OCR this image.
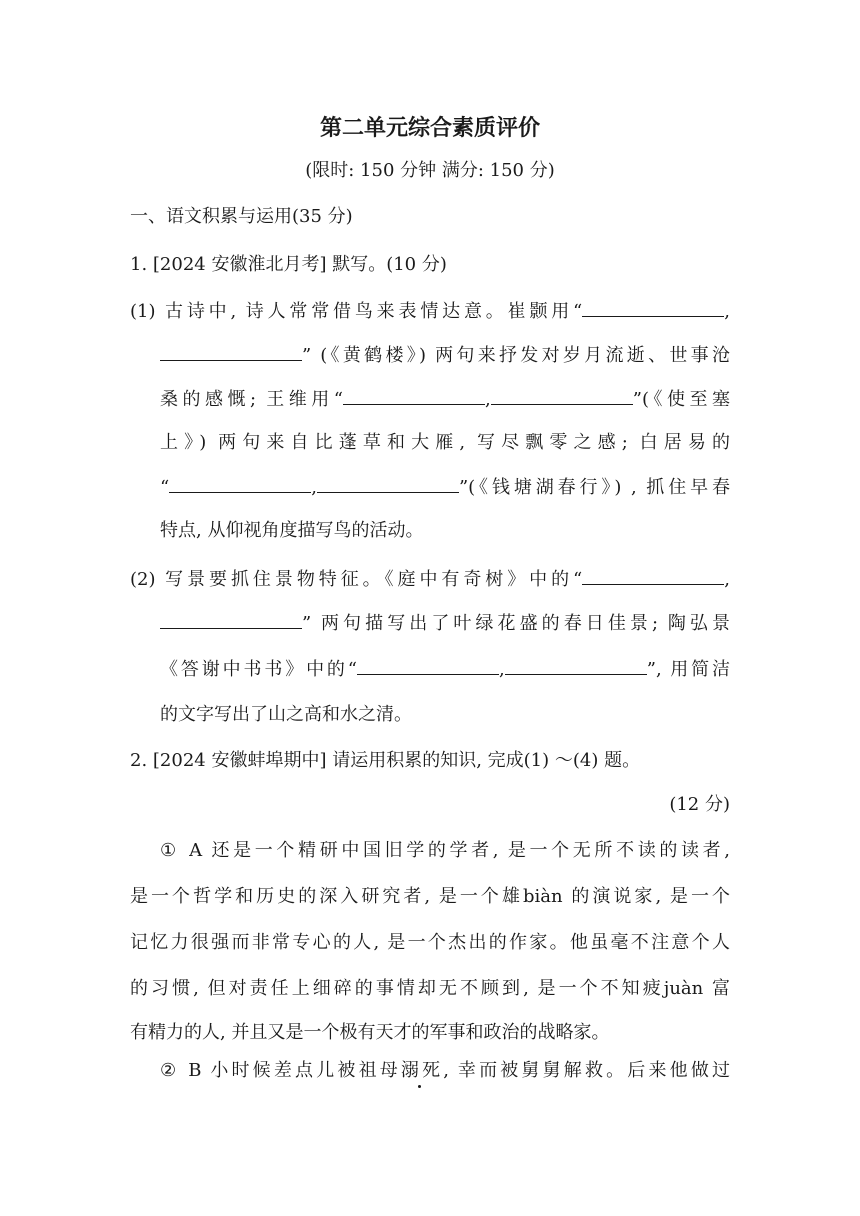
第二单元综合素质评价
(限时: 150 分钟 满分: 150 分)
一、语文积累与运用(35 分)
1. [2024 安徽淮北月考] 默写。(10 分)
(1) 古诗中, 诗人常常借鸟来表情达意。崔颢用“	,
” (《黄鹤楼》) 两句来抒发对岁月流逝、世事沧
桑的感慨; 王维用“	,	”(《使至塞
上》) 两句来自比蓬草和大雁, 写尽飘零之感; 白居易的
“	,	”(《钱塘湖春行》) , 抓住早春
特点, 从仰视角度描写鸟的活动。
(2) 写景要抓住景物特征。《庭中有奇树》中的“	,
” 两句描写出了叶绿花盛的春日佳景; 陶弘景
《答谢中书书》中的“	,	”, 用简洁
的文字写出了山之高和水之清。
2. [2024 安徽蚌埠期中] 请运用积累的知识, 完成(1) ～(4) 题。
(12 分)
① A 还是一个精研中国旧学的学者, 是一个无所不读的读者,
是一个哲学和历史的深入研究者, 是一个雄biàn 的演说家, 是一个
记忆力很强而非常专心的人, 是一个杰出的作家。他虽毫不注意个人
的习惯, 但对责任上细碎的事情却无不顾到, 是一个不知疲juàn 富
有精力的人, 并且又是一个极有天才的军事和政治的战略家。
② B 小时候差点儿被祖母溺死, 幸而被舅舅解救。后来他做过
